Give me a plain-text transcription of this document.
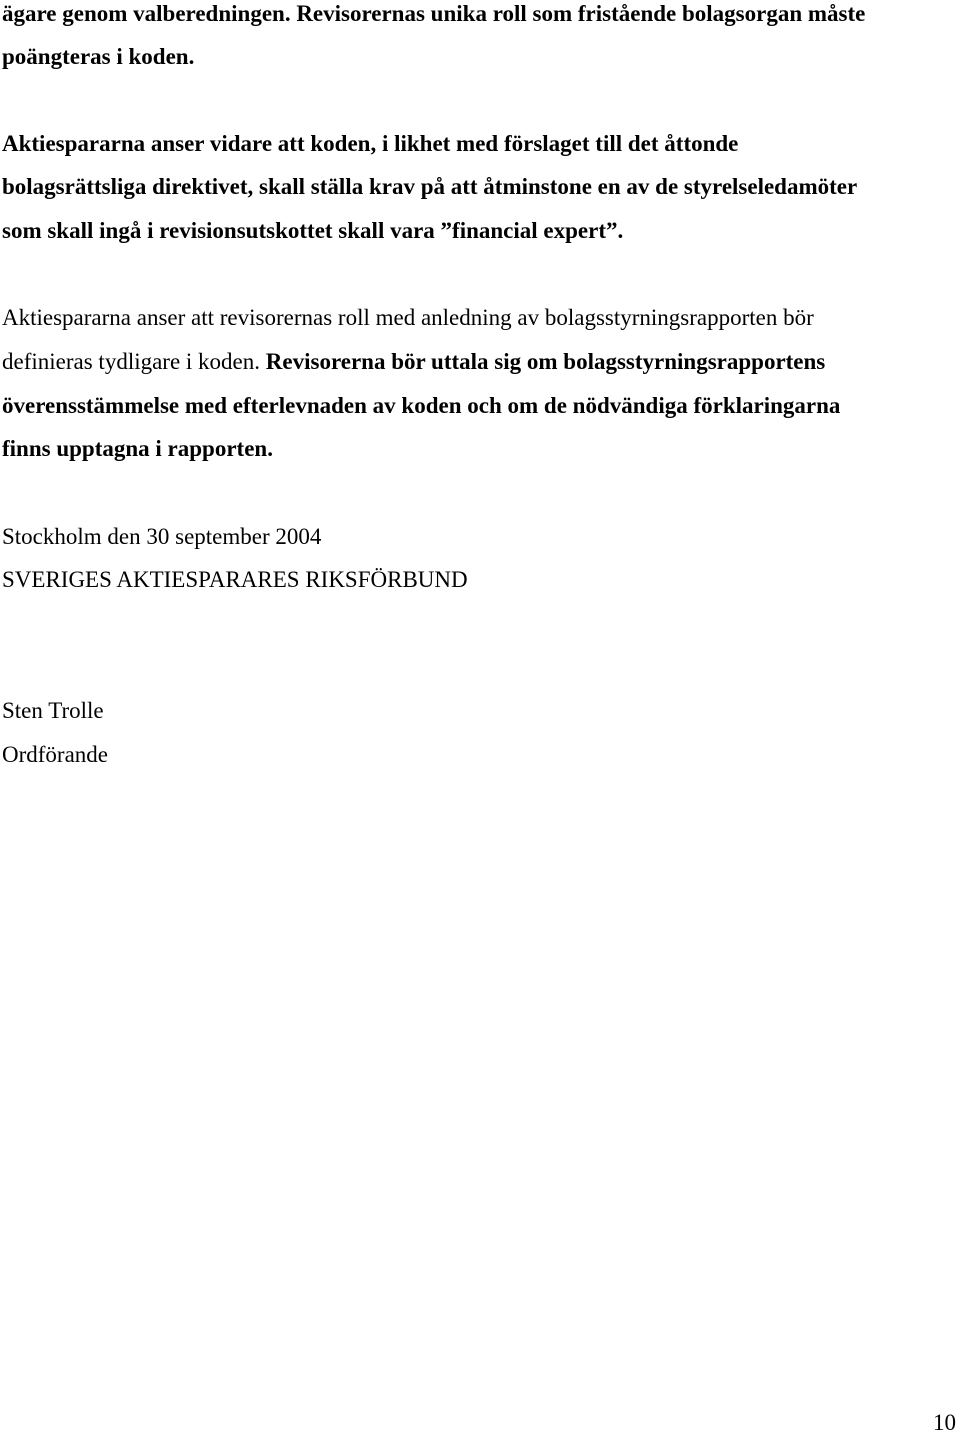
ägare genom valberedningen. Revisorernas unika roll som fristående bolagsorgan måste
poängteras i koden.
Aktiespararna anser vidare att koden, i likhet med förslaget till det åttonde
bolagsrättsliga direktivet, skall ställa krav på att åtminstone en av de styrelseledamöter
som skall ingå i revisionsutskottet skall vara ”financial expert”.
Aktiespararna anser att revisorernas roll med anledning av bolagsstyrningsrapporten bör
definieras tydligare i koden. Revisorerna bör uttala sig om bolagsstyrningsrapportens
överensstämmelse med efterlevnaden av koden och om de nödvändiga förklaringarna
finns upptagna i rapporten.
Stockholm den 30 september 2004
SVERIGES AKTIESPARARES RIKSFÖRBUND
Sten Trolle
Ordförande
10
